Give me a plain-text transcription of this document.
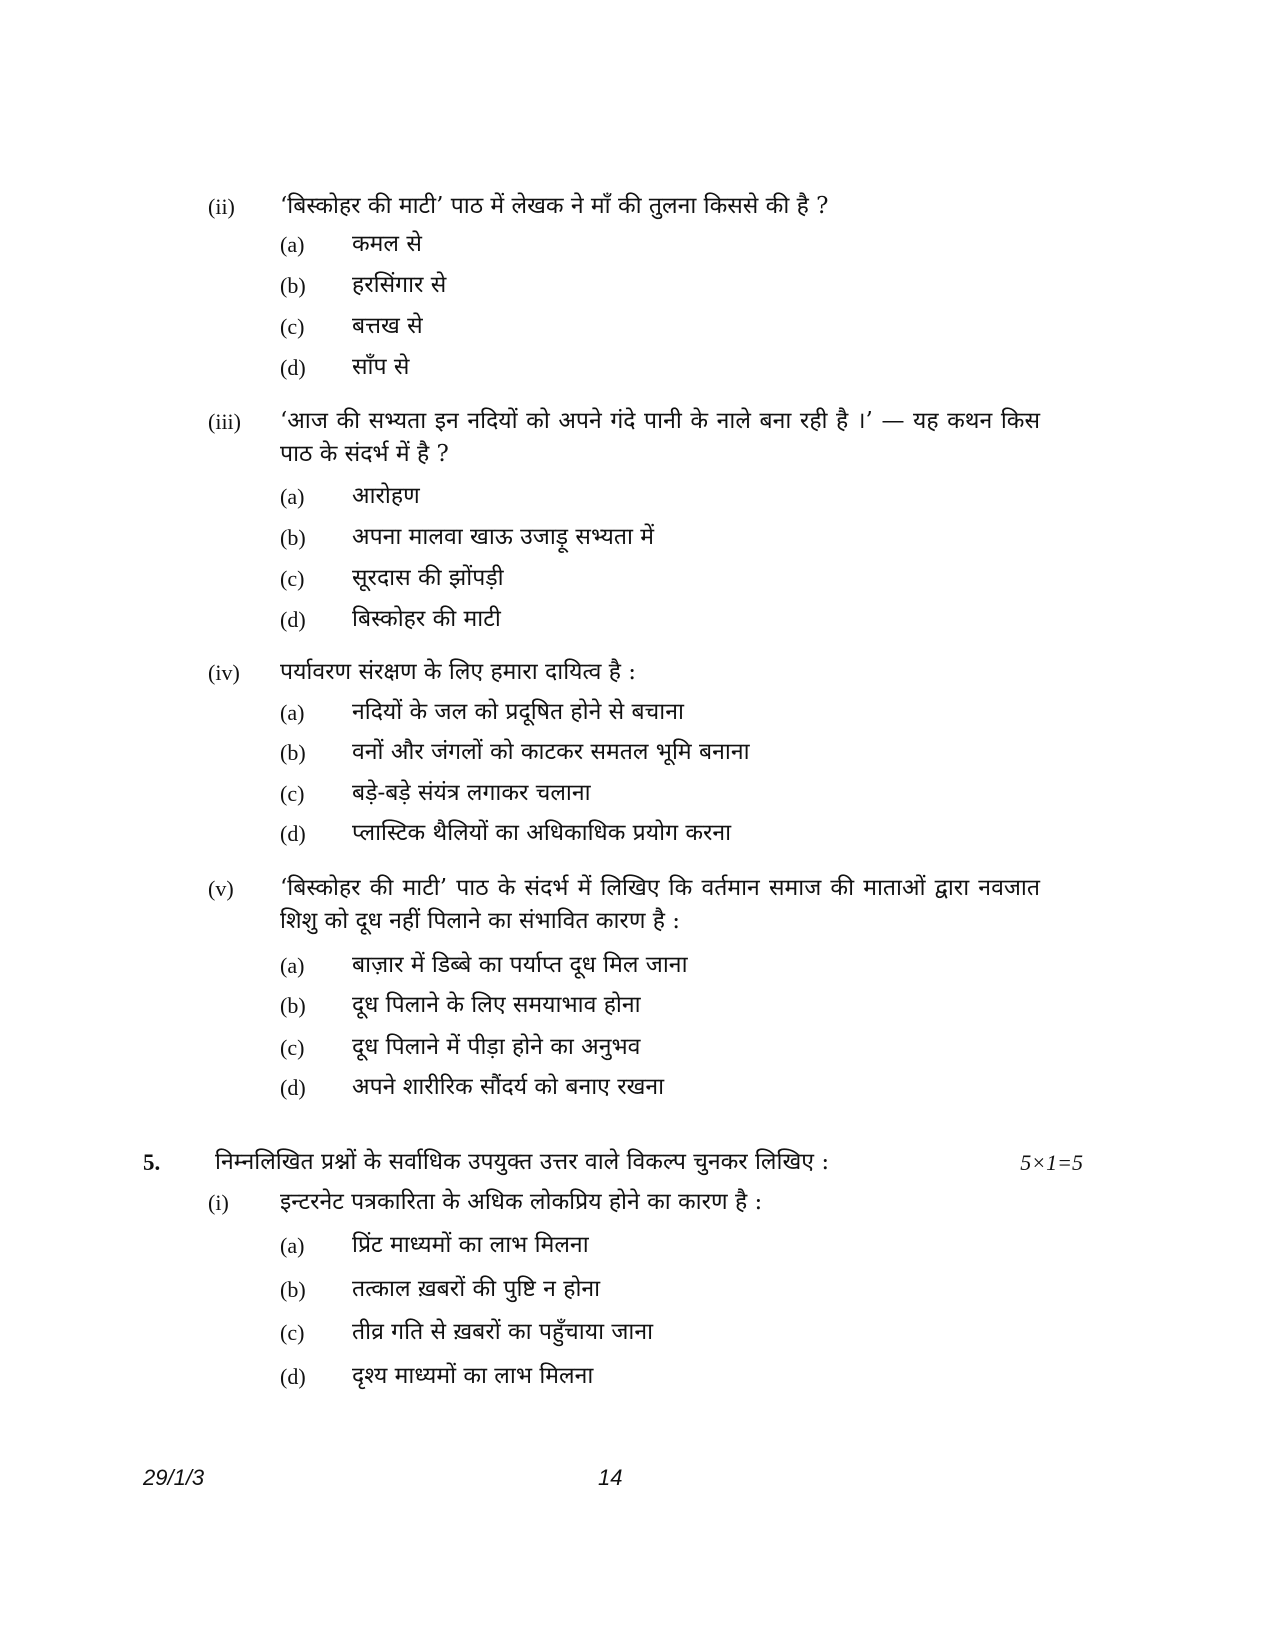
(ii) ‘बिस्कोहर की माटी’ पाठ में लेखक ने माँ की तुलना किससे की है ?
(a) कमल से
(b) हरसिंगार से
(c) बत्तख से
(d) साँप से
(iii) ‘आज की सभ्यता इन नदियों को अपने गंदे पानी के नाले बना रही है ।’ — यह कथन किस पाठ के संदर्भ में है ?
(a) आरोहण
(b) अपना मालवा खाऊ उजाड़ू सभ्यता में
(c) सूरदास की झोंपड़ी
(d) बिस्कोहर की माटी
(iv) पर्यावरण संरक्षण के लिए हमारा दायित्व है :
(a) नदियों के जल को प्रदूषित होने से बचाना
(b) वनों और जंगलों को काटकर समतल भूमि बनाना
(c) बड़े-बड़े संयंत्र लगाकर चलाना
(d) प्लास्टिक थैलियों का अधिकाधिक प्रयोग करना
(v) ‘बिस्कोहर की माटी’ पाठ के संदर्भ में लिखिए कि वर्तमान समाज की माताओं द्वारा नवजात शिशु को दूध नहीं पिलाने का संभावित कारण है :
(a) बाज़ार में डिब्बे का पर्याप्त दूध मिल जाना
(b) दूध पिलाने के लिए समयाभाव होना
(c) दूध पिलाने में पीड़ा होने का अनुभव
(d) अपने शारीरिक सौंदर्य को बनाए रखना
5. निम्नलिखित प्रश्नों के सर्वाधिक उपयुक्त उत्तर वाले विकल्प चुनकर लिखिए :	5×1=5
(i) इन्टरनेट पत्रकारिता के अधिक लोकप्रिय होने का कारण है :
(a) प्रिंट माध्यमों का लाभ मिलना
(b) तत्काल ख़बरों की पुष्टि न होना
(c) तीव्र गति से ख़बरों का पहुँचाया जाना
(d) दृश्य माध्यमों का लाभ मिलना
29/1/3	14
